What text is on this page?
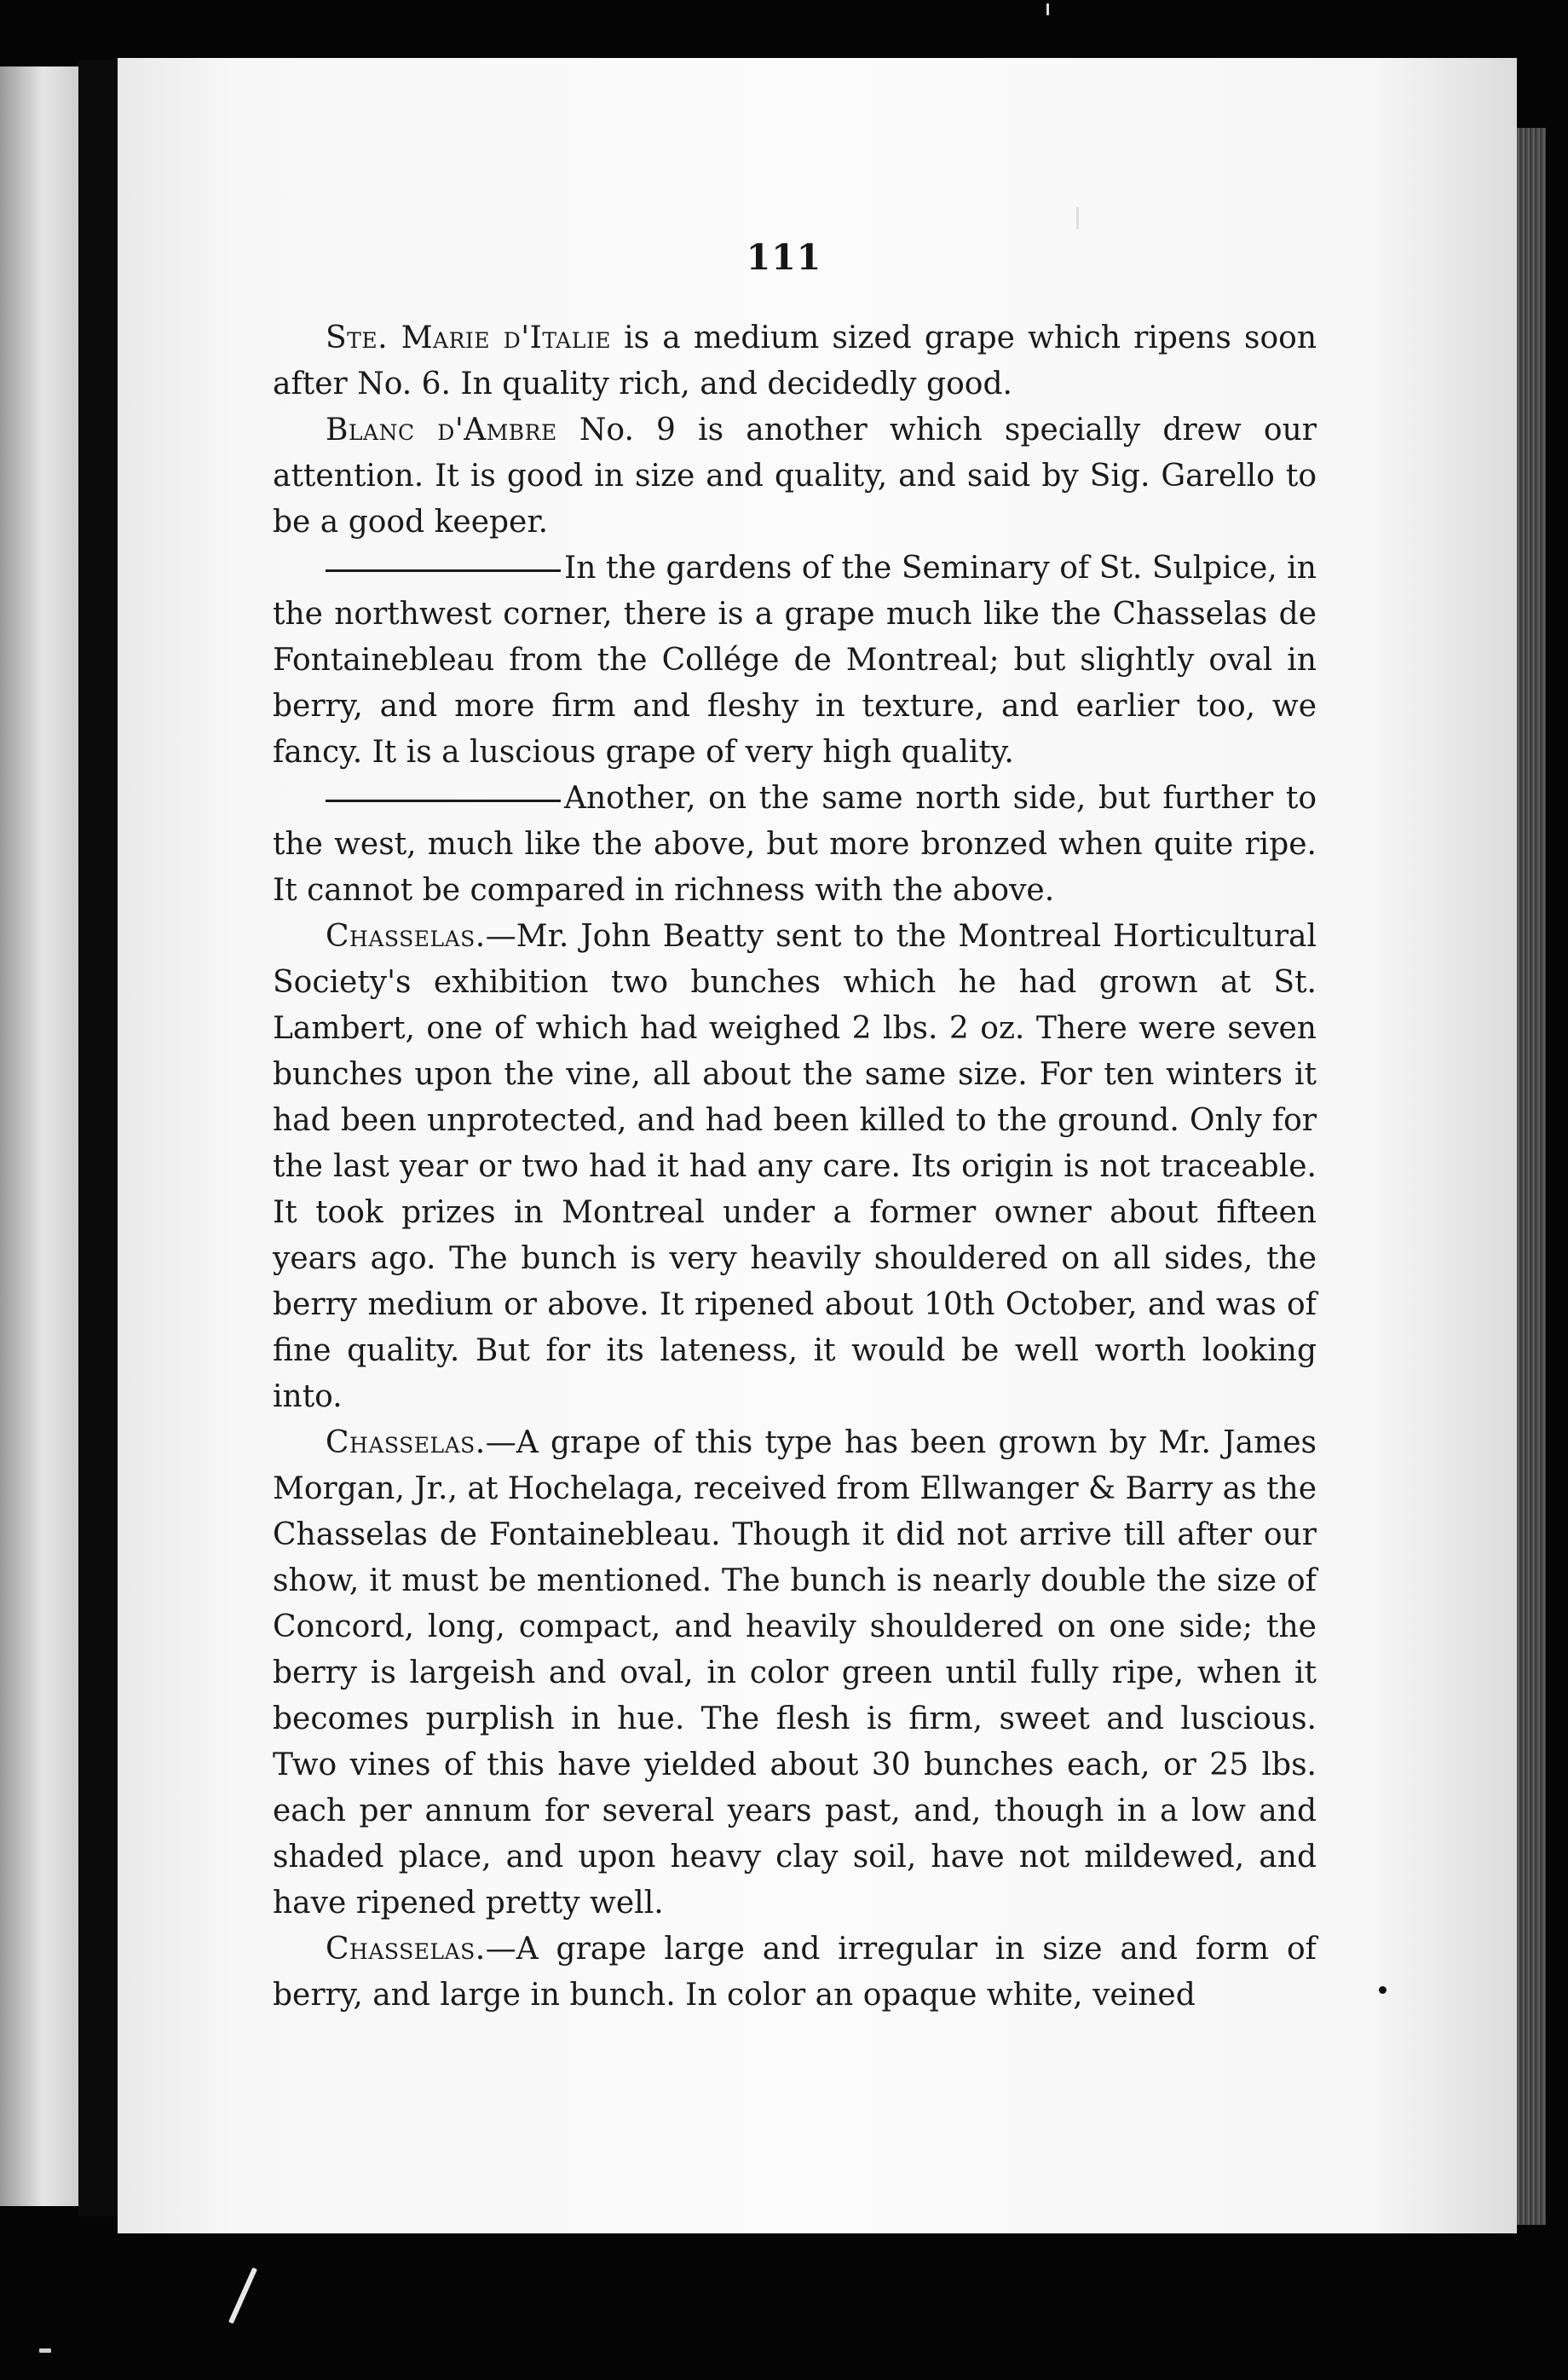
111

Ste. Marie d'Italie is a medium sized grape which ripens soon after No. 6. In quality rich, and decidedly good.

Blanc d'Ambre No. 9 is another which specially drew our attention. It is good in size and quality, and said by Sig. Garello to be a good keeper.

In the gardens of the Seminary of St. Sulpice, in the northwest corner, there is a grape much like the Chasselas de Fontainebleau from the Collége de Montreal; but slightly oval in berry, and more firm and fleshy in texture, and earlier too, we fancy. It is a luscious grape of very high quality.

Another, on the same north side, but further to the west, much like the above, but more bronzed when quite ripe. It cannot be compared in richness with the above.

Chasselas.—Mr. John Beatty sent to the Montreal Horticultural Society's exhibition two bunches which he had grown at St. Lambert, one of which had weighed 2 lbs. 2 oz. There were seven bunches upon the vine, all about the same size. For ten winters it had been unprotected, and had been killed to the ground. Only for the last year or two had it had any care. Its origin is not traceable. It took prizes in Montreal under a former owner about fifteen years ago. The bunch is very heavily shouldered on all sides, the berry medium or above. It ripened about 10th October, and was of fine quality. But for its lateness, it would be well worth looking into.

Chasselas.—A grape of this type has been grown by Mr. James Morgan, Jr., at Hochelaga, received from Ellwanger & Barry as the Chasselas de Fontainebleau. Though it did not arrive till after our show, it must be mentioned. The bunch is nearly double the size of Concord, long, compact, and heavily shouldered on one side; the berry is largeish and oval, in color green until fully ripe, when it becomes purplish in hue. The flesh is firm, sweet and luscious. Two vines of this have yielded about 30 bunches each, or 25 lbs. each per annum for several years past, and, though in a low and shaded place, and upon heavy clay soil, have not mildewed, and have ripened pretty well.

Chasselas.—A grape large and irregular in size and form of berry, and large in bunch. In color an opaque white, veined
